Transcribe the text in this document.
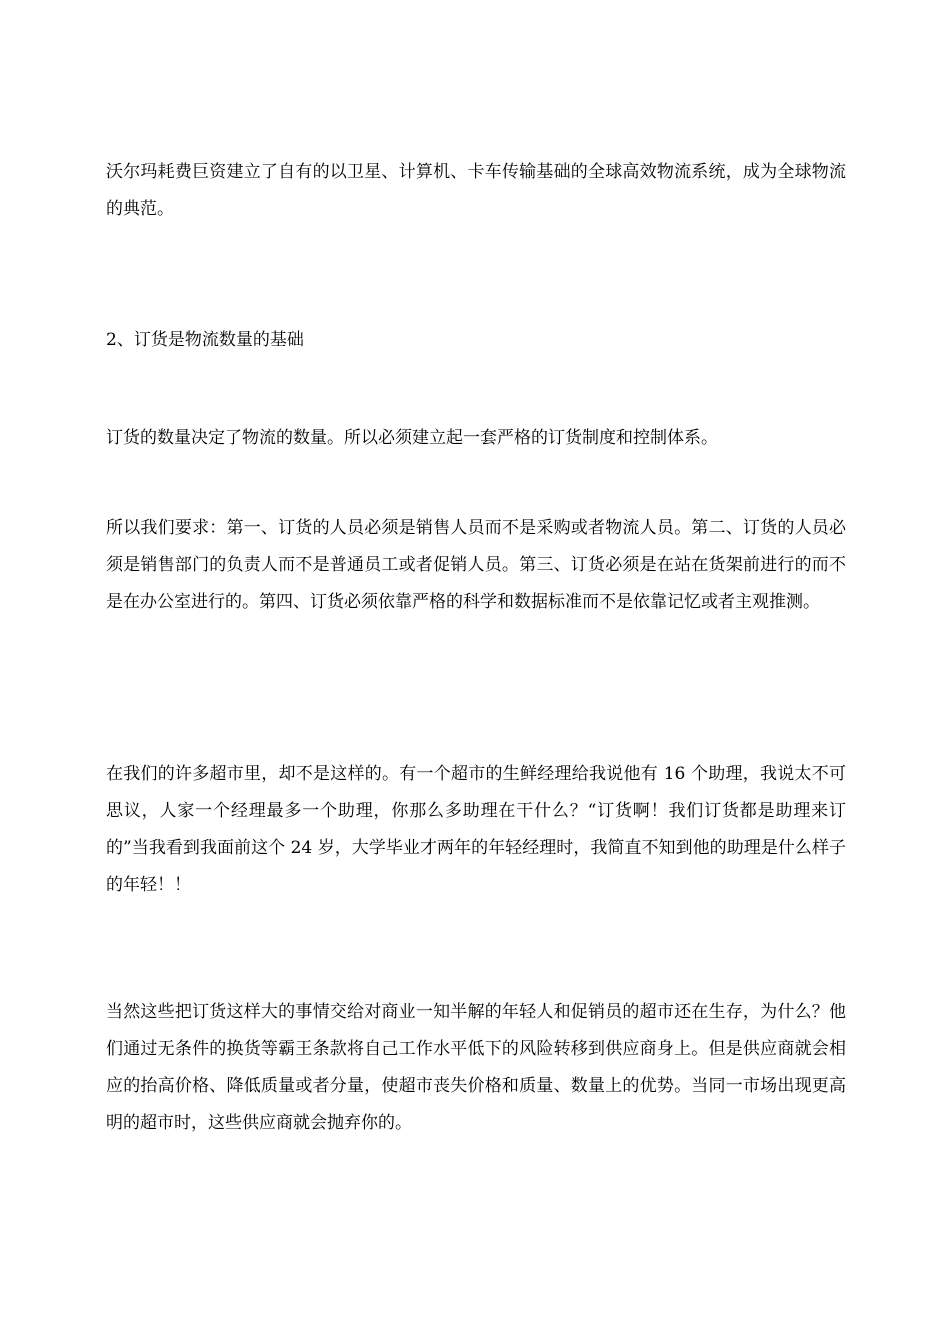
沃尔玛耗费巨资建立了自有的以卫星、计算机、卡车传输基础的全球高效物流系统，成为全球物流的典范。

2、订货是物流数量的基础

订货的数量决定了物流的数量。所以必须建立起一套严格的订货制度和控制体系。

所以我们要求：第一、订货的人员必须是销售人员而不是采购或者物流人员。第二、订货的人员必须是销售部门的负责人而不是普通员工或者促销人员。第三、订货必须是在站在货架前进行的而不是在办公室进行的。第四、订货必须依靠严格的科学和数据标准而不是依靠记忆或者主观推测。

在我们的许多超市里，却不是这样的。有一个超市的生鲜经理给我说他有 16 个助理，我说太不可思议，人家一个经理最多一个助理，你那么多助理在干什么？“订货啊！我们订货都是助理来订的”当我看到我面前这个 24 岁，大学毕业才两年的年轻经理时，我简直不知到他的助理是什么样子的年轻！！

当然这些把订货这样大的事情交给对商业一知半解的年轻人和促销员的超市还在生存，为什么？他们通过无条件的换货等霸王条款将自己工作水平低下的风险转移到供应商身上。但是供应商就会相应的抬高价格、降低质量或者分量，使超市丧失价格和质量、数量上的优势。当同一市场出现更高明的超市时，这些供应商就会抛弃你的。
